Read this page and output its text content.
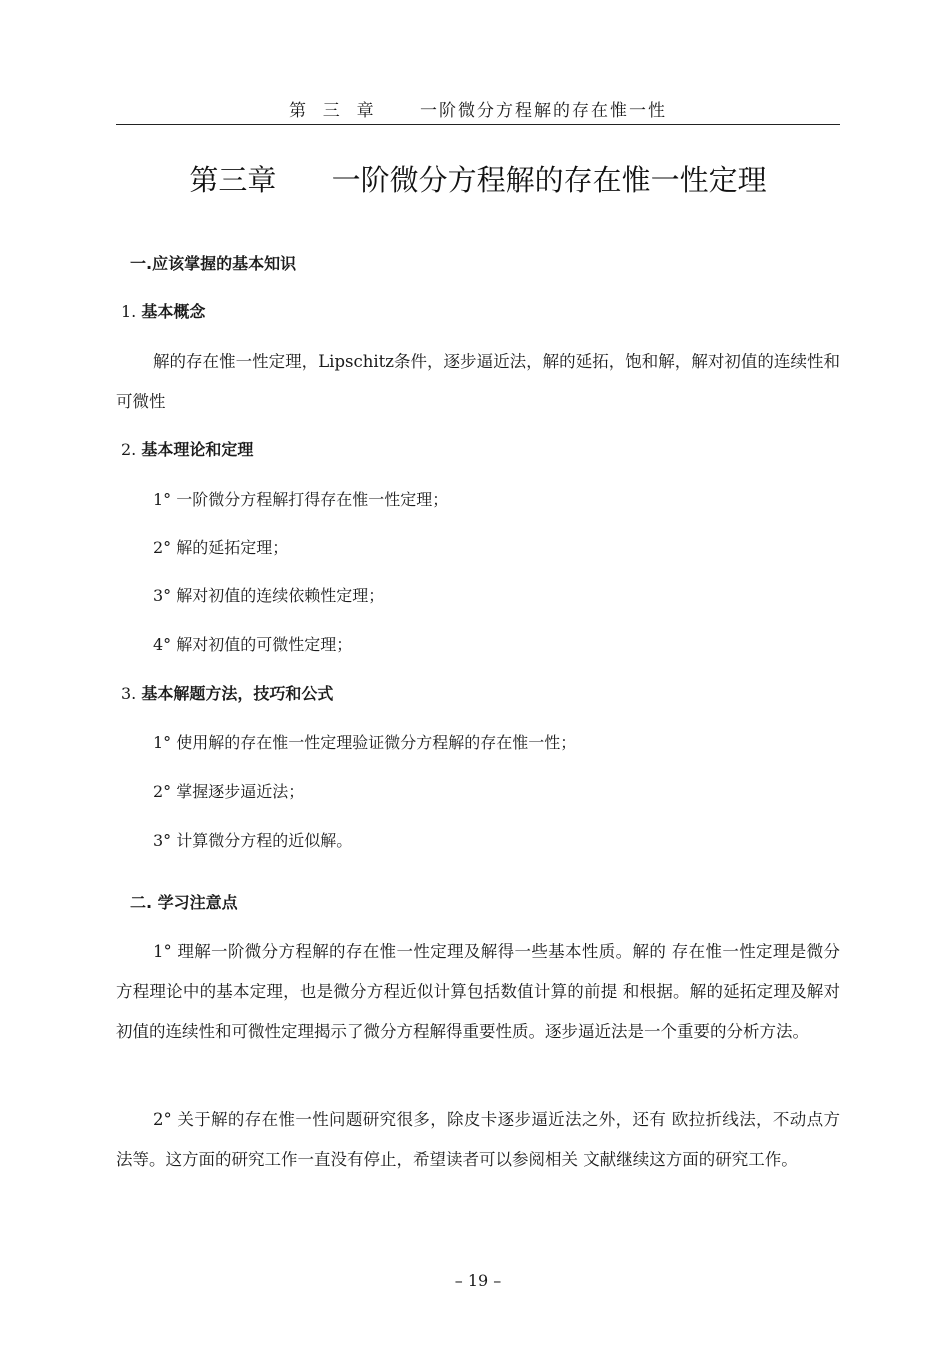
第  三  章      一阶微分方程解的存在惟一性
第三章      一阶微分方程解的存在惟一性定理
一.应该掌握的基本知识
1. 基本概念
解的存在惟一性定理，Lipschitz条件，逐步逼近法，解的延拓，饱和解，解对初值的连续性和可微性
2. 基本理论和定理
1° 一阶微分方程解打得存在惟一性定理；
2° 解的延拓定理；
3° 解对初值的连续依赖性定理；
4° 解对初值的可微性定理；
3. 基本解题方法，技巧和公式
1° 使用解的存在惟一性定理验证微分方程解的存在惟一性；
2° 掌握逐步逼近法；
3° 计算微分方程的近似解。
二. 学习注意点
1° 理解一阶微分方程解的存在惟一性定理及解得一些基本性质。解的 存在惟一性定理是微分方程理论中的基本定理，也是微分方程近似计算包括数值计算的前提 和根据。解的延拓定理及解对初值的连续性和可微性定理揭示了微分方程解得重要性质。逐步逼近法是一个重要的分析方法。
2° 关于解的存在惟一性问题研究很多，除皮卡逐步逼近法之外，还有 欧拉折线法，不动点方法等。这方面的研究工作一直没有停止，希望读者可以参阅相关 文献继续这方面的研究工作。
– 19 –
